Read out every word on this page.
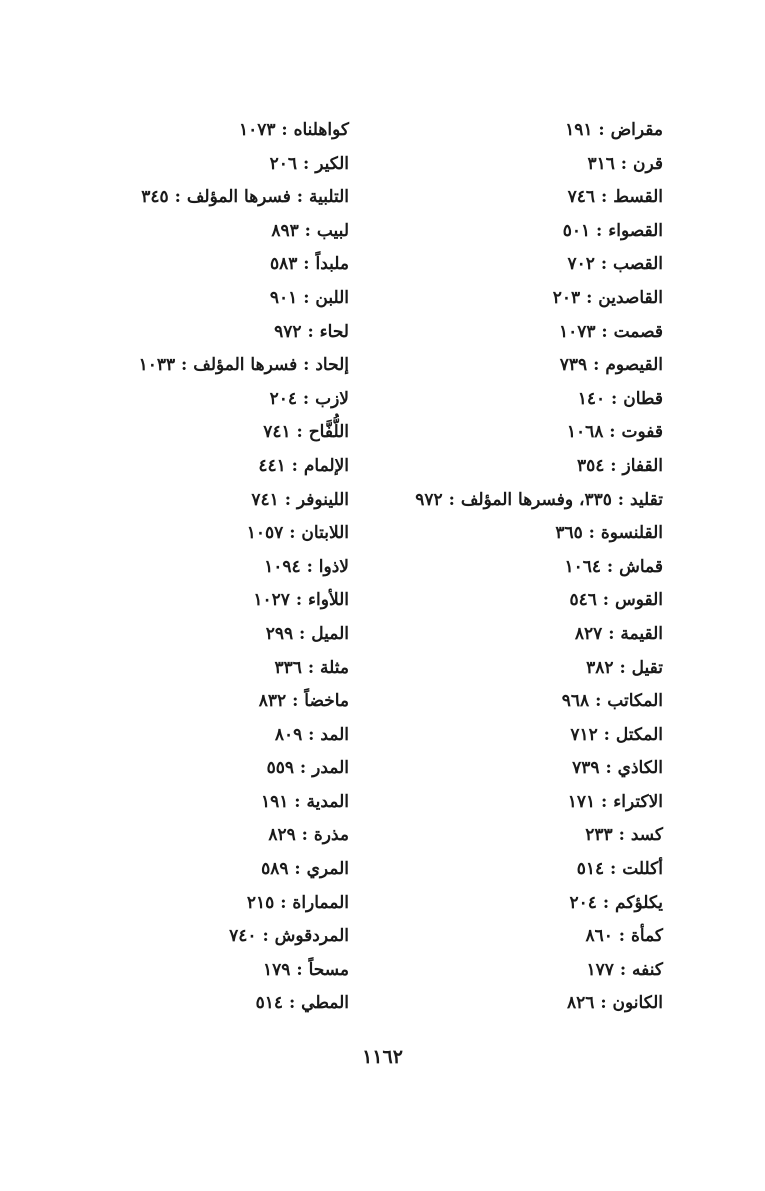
مقراض : ١٩١
قرن : ٣١٦
القسط : ٧٤٦
القصواء : ٥٠١
القصب : ٧٠٢
القاصدين : ٢٠٣
قصمت : ١٠٧٣
القيصوم : ٧٣٩
قطان : ١٤٠
قفوت : ١٠٦٨
القفاز : ٣٥٤
تقليد : ٣٣٥، وفسرها المؤلف : ٩٧٢
القلنسوة : ٣٦٥
قماش : ١٠٦٤
القوس : ٥٤٦
القيمة : ٨٢٧
تقيل : ٣٨٢
المكاتب : ٩٦٨
المكتل : ٧١٢
الكاذي : ٧٣٩
الاكتراء : ١٧١
كسد : ٢٣٣
أكللت : ٥١٤
يكلؤكم : ٢٠٤
كمأة : ٨٦٠
كنفه : ١٧٧
الكانون : ٨٢٦
كواهلناه : ١٠٧٣
الكير : ٢٠٦
التلبية : فسرها المؤلف : ٣٤٥
لبيب : ٨٩٣
ملبداً : ٥٨٣
اللبن : ٩٠١
لحاء : ٩٧٢
إلحاد : فسرها المؤلف : ١٠٣٣
لازب : ٢٠٤
اللُّفَّاح : ٧٤١
الإلمام : ٤٤١
اللينوفر : ٧٤١
اللابتان : ١٠٥٧
لاذوا : ١٠٩٤
اللأواء : ١٠٢٧
الميل : ٢٩٩
مثلة : ٣٣٦
ماخضاً : ٨٣٢
المد : ٨٠٩
المدر : ٥٥٩
المدية : ١٩١
مذرة : ٨٢٩
المري : ٥٨٩
المماراة : ٢١٥
المردقوش : ٧٤٠
مسحاً : ١٧٩
المطي : ٥١٤
١١٦٢
